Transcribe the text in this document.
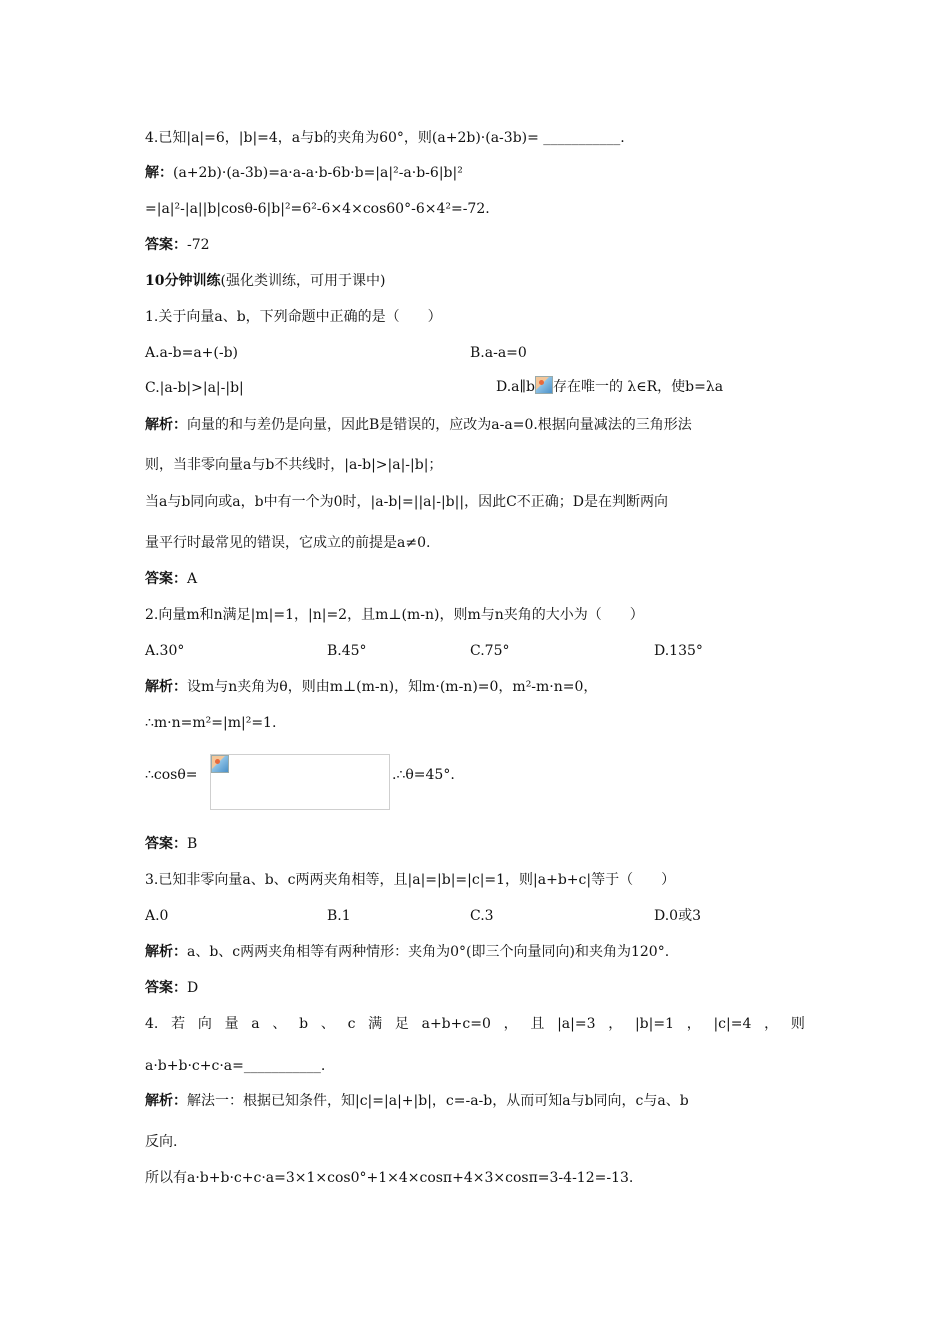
4.已知|a|=6，|b|=4，a与b的夹角为60°，则(a+2b)·(a-3b)= ___________.
解：(a+2b)·(a-3b)=a·a-a·b-6b·b=|a|²-a·b-6|b|²
=|a|²-|a||b|cosθ-6|b|²=6²-6×4×cos60°-6×4²=-72.
答案：-72
10分钟训练(强化类训练，可用于课中)
1.关于向量a、b，下列命题中正确的是（　　）
A.a-b=a+(-b)	B.a-a=0
C.|a-b|>|a|-|b|	D.a∥b 存在唯一的 λ∈R，使b=λa
解析：向量的和与差仍是向量，因此B是错误的，应改为a-a=0.根据向量减法的三角形法
则，当非零向量a与b不共线时，|a-b|>|a|-|b|；
当a与b同向或a，b中有一个为0时，|a-b|=||a|-|b||，因此C不正确；D是在判断两向
量平行时最常见的错误，它成立的前提是a≠0.
答案：A
2.向量m和n满足|m|=1，|n|=2，且m⊥(m-n)，则m与n夹角的大小为（　　）
A.30°	B.45°	C.75°	D.135°
解析：设m与n夹角为θ，则由m⊥(m-n)，知m·(m-n)=0，m²-m·n=0，
∴m·n=m²=|m|²=1.
∴cosθ=	.∴θ=45°.
答案：B
3.已知非零向量a、b、c两两夹角相等，且|a|=|b|=|c|=1，则|a+b+c|等于（　　）
A.0	B.1	C.3	D.0或3
解析：a、b、c两两夹角相等有两种情形：夹角为0°(即三个向量同向)和夹角为120°.
答案：D
4. 若 向 量 a 、 b 、 c 满 足 a+b+c=0 ， 且 |a|=3 ， |b|=1 ， |c|=4 ， 则
a·b+b·c+c·a=___________.
解析：解法一：根据已知条件，知|c|=|a|+|b|，c=-a-b，从而可知a与b同向，c与a、b
反向.
所以有a·b+b·c+c·a=3×1×cos0°+1×4×cosπ+4×3×cosπ=3-4-12=-13.
